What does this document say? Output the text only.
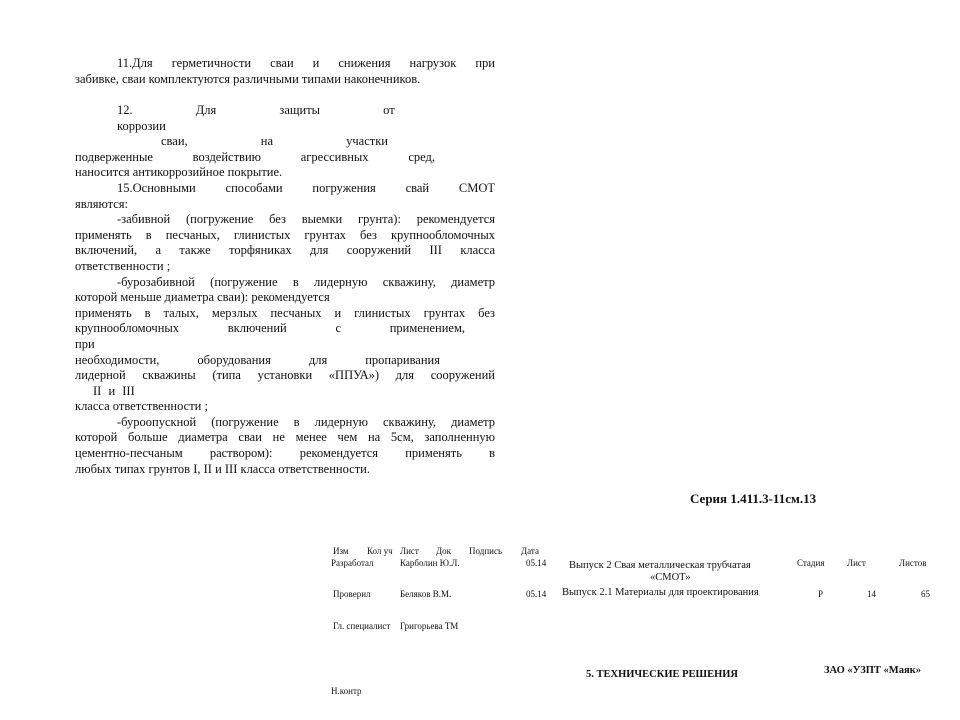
11.Для герметичности сваи и снижения нагрузок при

забивке, сваи комплектуются различными типами наконечников.

12. Для защиты от коррозии

сваи, на участки

подверженные воздействию агрессивных сред,

наносится антикоррозийное покрытие.

15.Основными способами погружения свай СМОТ

являются:

-забивной (погружение без выемки грунта): рекомендуется

применять в песчаных, глинистых грунтах без крупнообломочных

включений, а также торфяниках для сооружений III класса

ответственности ;

-бурозабивной (погружение в лидерную скважину, диаметр

которой меньше диаметра сваи): рекомендуется

применять в талых, мерзлых песчаных и глинистых грунтах без

крупнообломочных включений с применением,

при

необходимости, оборудования для пропаривания

лидерной скважины (типа установки «ППУА») для сооружений

II и III

класса ответственности ;

-буроопускной (погружение в лидерную скважину, диаметр

которой больше диаметра сваи не менее чем на 5см, заполненную

цементно-песчаным раствором): рекомендуется применять в

любых типах грунтов I, II и III класса ответственности.

Серия 1.411.3-11см.13
Изм Кол уч Лист Док Подпись Дата
Разработал	Карболин Ю.Л.	05.14 Выпуск 2 Свая металлическая трубчатая
«СМОТ»
Стадия	Лист	Листов
Проверил	Беляков В.М.	05.14 Выпуск 2.1 Материалы для проектирования	Р	14	65
Гл. специалист Григорьева ТМ
5. ТЕХНИЧЕСКИЕ РЕШЕНИЯ	ЗАО «УЗПТ «Маяк»
Н.контр
